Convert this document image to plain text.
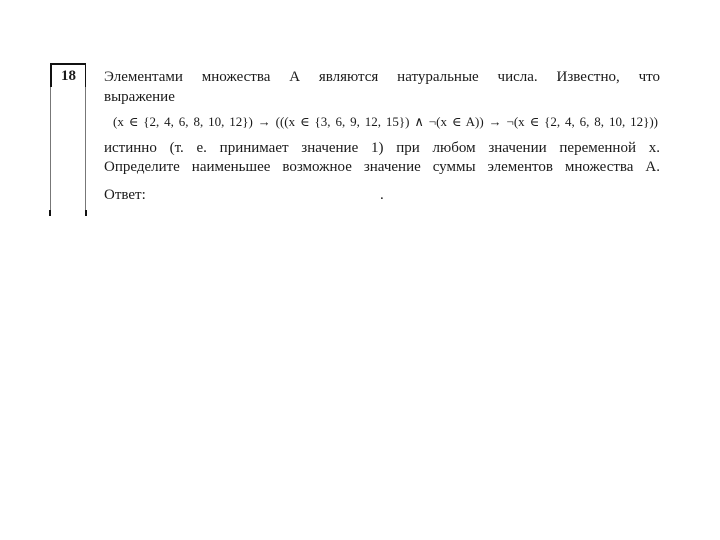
18	Элементами множества А являются натуральные числа. Известно, что
выражение
(x ∈ {2, 4, 6, 8, 10, 12}) → (((x ∈ {3, 6, 9, 12, 15}) ∧ ¬(x ∈ A)) → ¬(x ∈ {2, 4, 6, 8, 10, 12}))
истинно (т. е. принимает значение 1) при любом значении переменной x.
Определите наименьшее возможное значение суммы элементов множества А.
Ответ:	.
